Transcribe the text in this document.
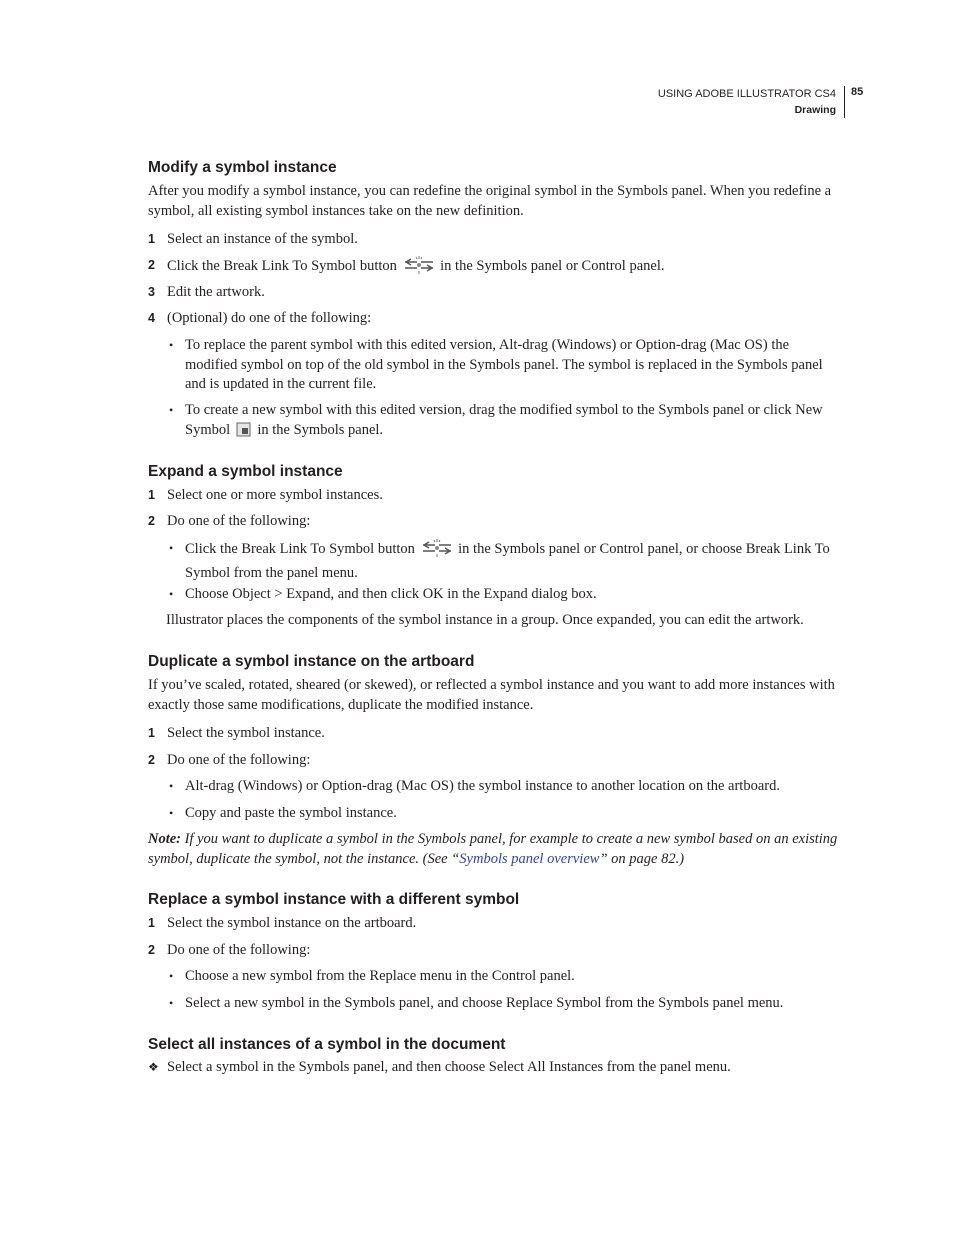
USING ADOBE ILLUSTRATOR CS4
Drawing
85
Modify a symbol instance

After you modify a symbol instance, you can redefine the original symbol in the Symbols panel. When you redefine a symbol, all existing symbol instances take on the new definition.

1 Select an instance of the symbol.
2 Click the Break Link To Symbol button	in the Symbols panel or Control panel.
3 Edit the artwork.
4 (Optional) do one of the following:
• To replace the parent symbol with this edited version, Alt-drag (Windows) or Option-drag (Mac OS) the modified symbol on top of the old symbol in the Symbols panel. The symbol is replaced in the Symbols panel and is updated in the current file.
• To create a new symbol with this edited version, drag the modified symbol to the Symbols panel or click New Symbol in the Symbols panel.
Expand a symbol instance
1 Select one or more symbol instances.
2 Do one of the following:
• Click the Break Link To Symbol button	in the Symbols panel or Control panel, or choose Break Link To Symbol from the panel menu.
• Choose Object > Expand, and then click OK in the Expand dialog box.
Illustrator places the components of the symbol instance in a group. Once expanded, you can edit the artwork.
Duplicate a symbol instance on the artboard

If you’ve scaled, rotated, sheared (or skewed), or reflected a symbol instance and you want to add more instances with exactly those same modifications, duplicate the modified instance.

1 Select the symbol instance.
2 Do one of the following:
• Alt-drag (Windows) or Option-drag (Mac OS) the symbol instance to another location on the artboard.
• Copy and paste the symbol instance.
Note: If you want to duplicate a symbol in the Symbols panel, for example to create a new symbol based on an existing symbol, duplicate the symbol, not the instance. (See “Symbols panel overview” on page 82.)
Replace a symbol instance with a different symbol
1 Select the symbol instance on the artboard.
2 Do one of the following:
• Choose a new symbol from the Replace menu in the Control panel.
• Select a new symbol in the Symbols panel, and choose Replace Symbol from the Symbols panel menu.
Select all instances of a symbol in the document
❖ Select a symbol in the Symbols panel, and then choose Select All Instances from the panel menu.
